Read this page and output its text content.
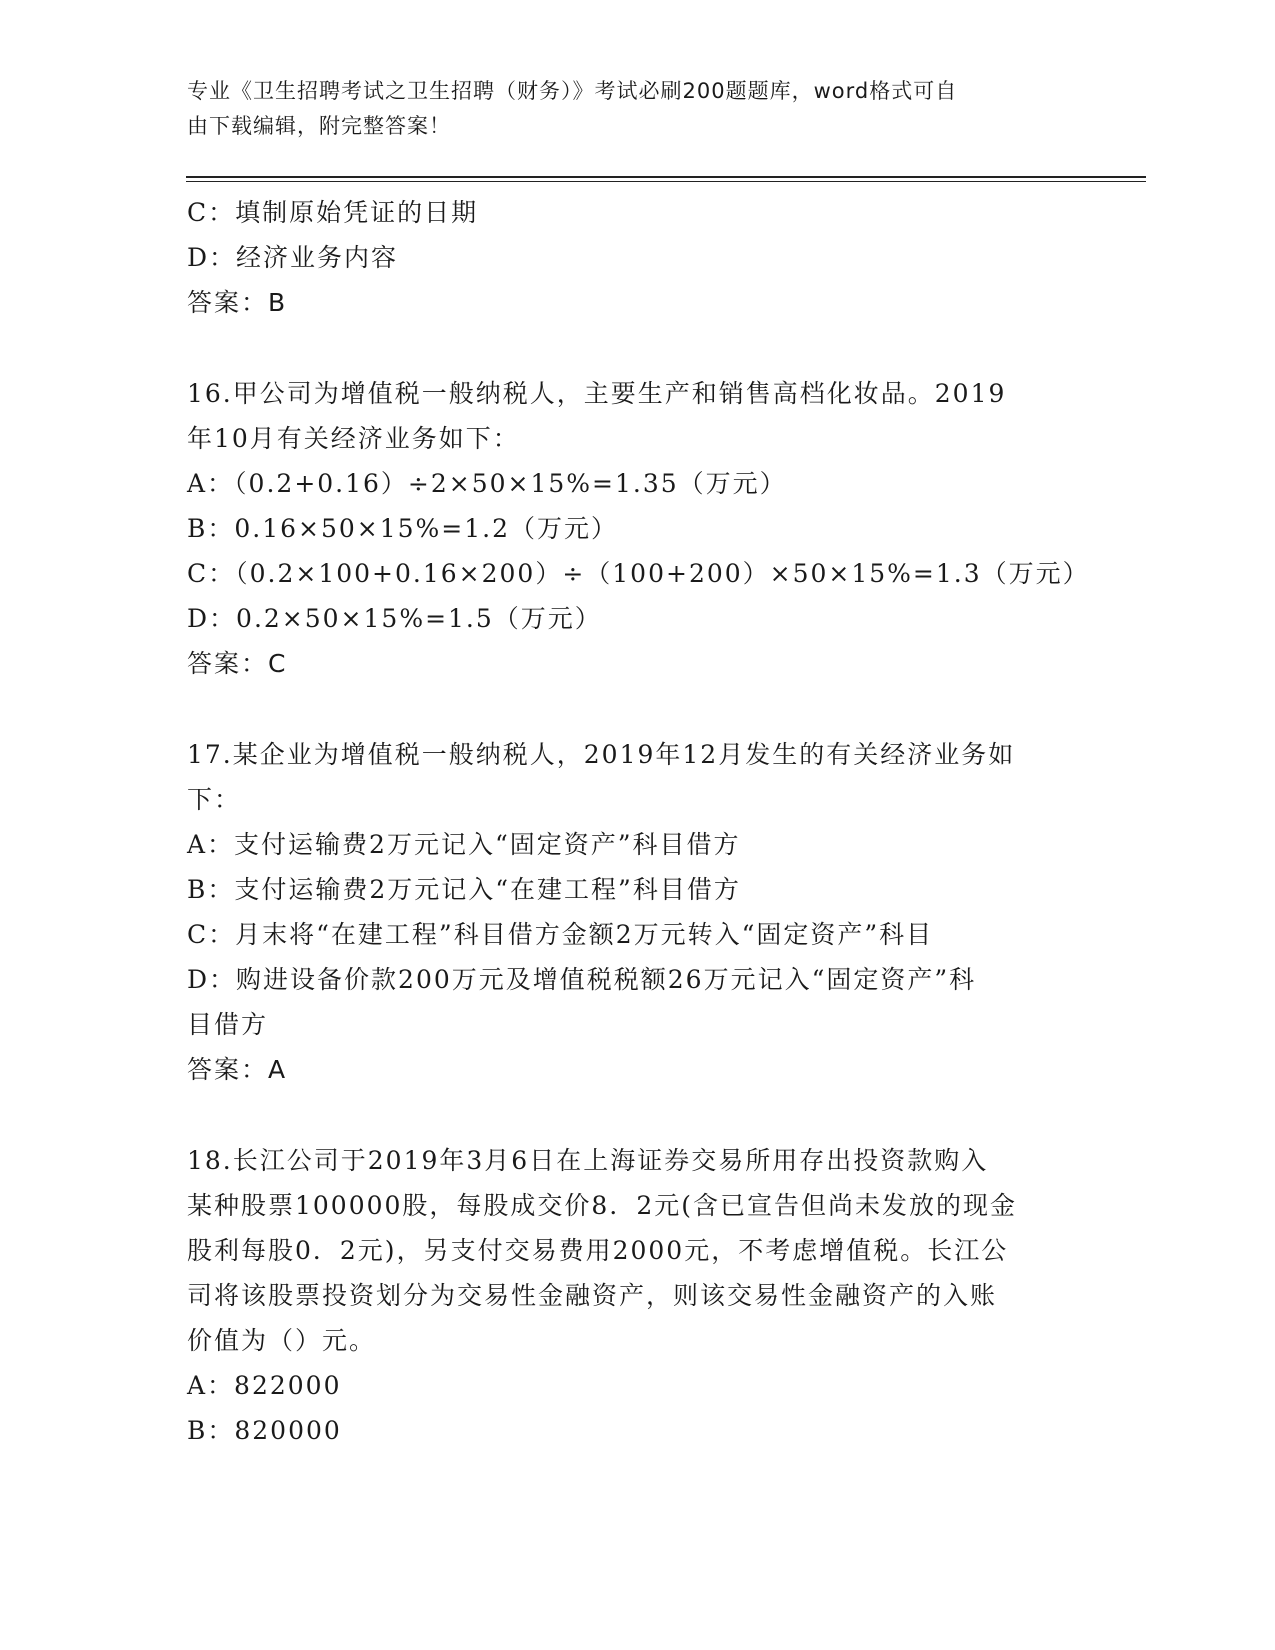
专业《卫生招聘考试之卫生招聘（财务）》考试必刷200题题库，word格式可自
由下载编辑，附完整答案！
C：填制原始凭证的日期
D：经济业务内容
答案：B
16.甲公司为增值税一般纳税人，主要生产和销售高档化妆品。2019
年10月有关经济业务如下：
A：（0.2+0.16）÷2×50×15%=1.35（万元）
B：0.16×50×15%=1.2（万元）
C：（0.2×100+0.16×200）÷（100+200）×50×15%=1.3（万元）
D：0.2×50×15%=1.5（万元）
答案：C
17.某企业为增值税一般纳税人，2019年12月发生的有关经济业务如
下：
A：支付运输费2万元记入“固定资产”科目借方
B：支付运输费2万元记入“在建工程”科目借方
C：月末将“在建工程”科目借方金额2万元转入“固定资产”科目
D：购进设备价款200万元及增值税税额26万元记入“固定资产”科
目借方
答案：A
18.长江公司于2019年3月6日在上海证券交易所用存出投资款购入
某种股票100000股，每股成交价8．2元(含已宣告但尚未发放的现金
股利每股0．2元)，另支付交易费用2000元，不考虑增值税。长江公
司将该股票投资划分为交易性金融资产，则该交易性金融资产的入账
价值为（）元。
A：822000
B：820000
